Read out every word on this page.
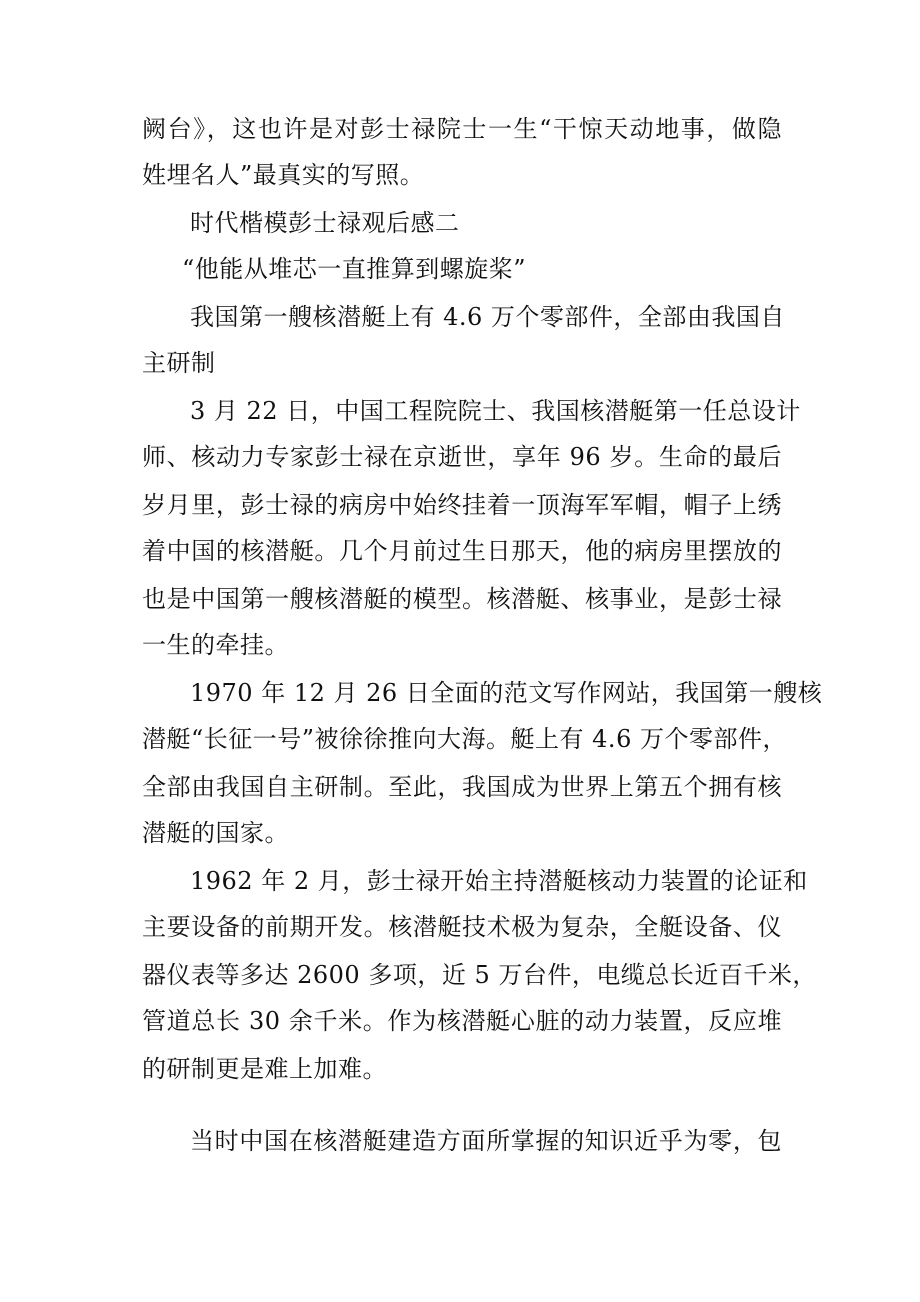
阙台》，这也许是对彭士禄院士一生“干惊天动地事，做隐
姓埋名人”最真实的写照。
时代楷模彭士禄观后感二
“他能从堆芯一直推算到螺旋桨”
我国第一艘核潜艇上有 4.6 万个零部件，全部由我国自
主研制
3 月 22 日，中国工程院院士、我国核潜艇第一任总设计
师、核动力专家彭士禄在京逝世，享年 96 岁。生命的最后
岁月里，彭士禄的病房中始终挂着一顶海军军帽，帽子上绣
着中国的核潜艇。几个月前过生日那天，他的病房里摆放的
也是中国第一艘核潜艇的模型。核潜艇、核事业，是彭士禄
一生的牵挂。
1970 年 12 月 26 日全面的范文写作网站，我国第一艘核
潜艇“长征一号”被徐徐推向大海。艇上有 4.6 万个零部件，
全部由我国自主研制。至此，我国成为世界上第五个拥有核
潜艇的国家。
1962 年 2 月，彭士禄开始主持潜艇核动力装置的论证和
主要设备的前期开发。核潜艇技术极为复杂，全艇设备、仪
器仪表等多达 2600 多项，近 5 万台件，电缆总长近百千米，
管道总长 30 余千米。作为核潜艇心脏的动力装置，反应堆
的研制更是难上加难。
当时中国在核潜艇建造方面所掌握的知识近乎为零，包
